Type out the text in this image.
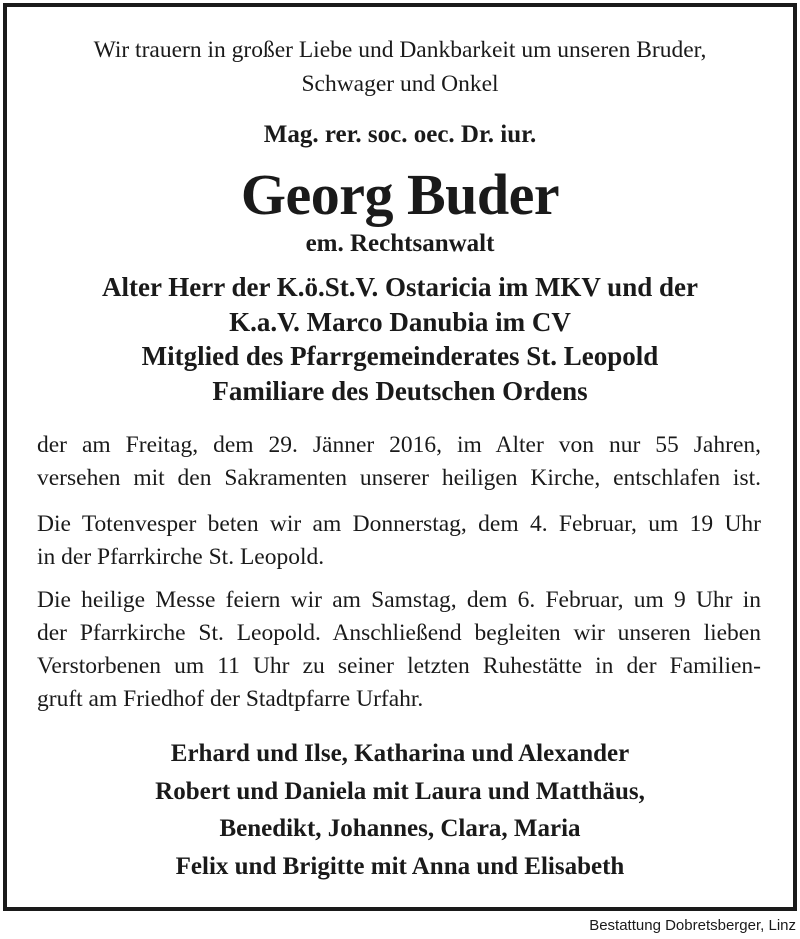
Wir trauern in großer Liebe und Dankbarkeit um unseren Bruder,
Schwager und Onkel
Mag. rer. soc. oec. Dr. iur.
Georg Buder
em. Rechtsanwalt
Alter Herr der K.ö.St.V. Ostaricia im MKV und der
K.a.V. Marco Danubia im CV
Mitglied des Pfarrgemeinderates St. Leopold
Familiare des Deutschen Ordens
der am Freitag, dem 29. Jänner 2016, im Alter von nur 55 Jahren,
versehen mit den Sakramenten unserer heiligen Kirche, entschlafen ist.
Die Totenvesper beten wir am Donnerstag, dem 4. Februar, um 19 Uhr
in der Pfarrkirche St. Leopold.
Die heilige Messe feiern wir am Samstag, dem 6. Februar, um 9 Uhr in
der Pfarrkirche St. Leopold. Anschließend begleiten wir unseren lieben
Verstorbenen um 11 Uhr zu seiner letzten Ruhestätte in der Familien-
gruft am Friedhof der Stadtpfarre Urfahr.
Erhard und Ilse, Katharina und Alexander
Robert und Daniela mit Laura und Matthäus,
Benedikt, Johannes, Clara, Maria
Felix und Brigitte mit Anna und Elisabeth
Bestattung Dobretsberger, Linz
